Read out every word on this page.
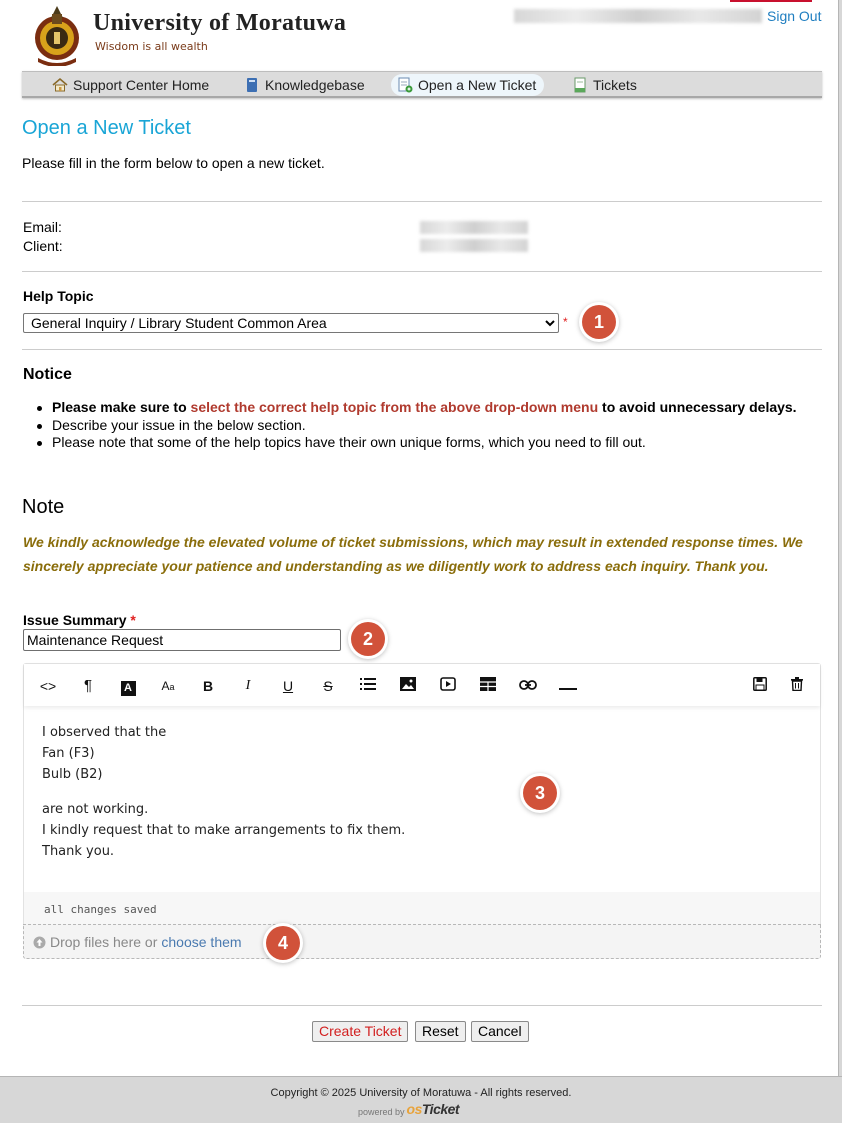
University of Moratuwa
Wisdom is all wealth
Sign Out
Support Center Home	Knowledgebase	Open a New Ticket	Tickets
Open a New Ticket
Please fill in the form below to open a new ticket.
Email:
Client:
Help Topic
General Inquiry / Library Student Common Area
*	1
Notice
Please make sure to select the correct help topic from the above drop-down menu to avoid unnecessary delays.
Describe your issue in the below section.
Please note that some of the help topics have their own unique forms, which you need to fill out.
Note
We kindly acknowledge the elevated volume of ticket submissions, which may result in extended response times. We sincerely appreciate your patience and understanding as we diligently work to address each inquiry. Thank you.
Issue Summary *
Maintenance Request
2
<>	¶	A	Aa	B	I	U	S
I observed that the
Fan (F3)
Bulb (B2)
are not working.
I kindly request that to make arrangements to fix them.
Thank you.
all changes saved
Drop files here or choose them
3
4
Create Ticket	Reset	Cancel
Copyright © 2025 University of Moratuwa - All rights reserved.
powered by osTicket
